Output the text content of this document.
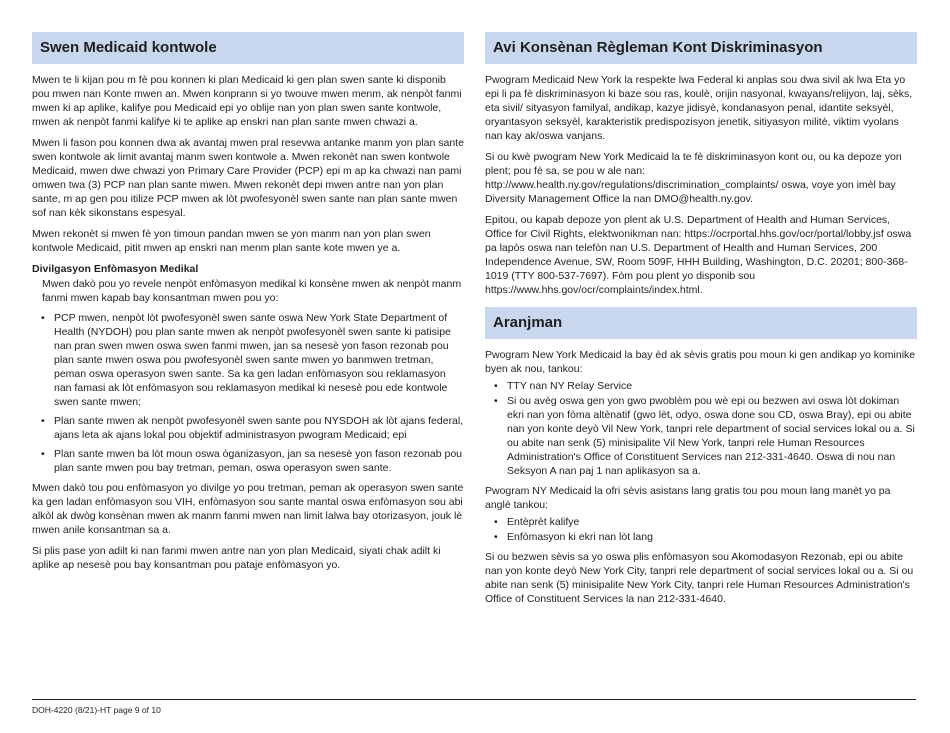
Swen Medicaid kontwole

Mwen te li kijan pou m fè pou konnen ki plan Medicaid ki gen plan swen sante ki disponib pou mwen nan Konte mwen an. Mwen konprann si yo twouve mwen menm, ak nenpòt fanmi mwen ki ap aplike, kalifye pou Medicaid epi yo oblije nan yon plan swen sante kontwole, mwen ak nenpòt fanmi kalifye ki te aplike ap enskri nan plan sante mwen chwazi a.

Mwen li fason pou konnen dwa ak avantaj mwen pral resevwa antanke manm yon plan sante swen kontwole ak limit avantaj manm swen kontwole a. Mwen rekonèt nan swen kontwole Medicaid, mwen dwe chwazi yon Primary Care Provider (PCP) epi m ap ka chwazi nan pami omwen twa (3) PCP nan plan sante mwen. Mwen rekonèt depi mwen antre nan yon plan sante, m ap gen pou itilize PCP mwen ak lòt pwofesyonèl swen sante nan plan sante mwen sof nan kèk sikonstans espesyal.

Mwen rekonèt si mwen fè yon timoun pandan mwen se yon manm nan yon plan swen kontwole Medicaid, pitit mwen ap enskri nan menm plan sante kote mwen ye a.

Divilgasyon Enfòmasyon Medikal
Mwen dakò pou yo revele nenpòt enfòmasyon medikal ki konsène mwen ak nenpòt manm fanmi mwen kapab bay konsantman mwen pou yo:
• PCP mwen, nenpòt lòt pwofesyonèl swen sante oswa New York State Department of Health (NYDOH) pou plan sante mwen ak nenpòt pwofesyonèl swen sante ki patisipe nan pran swen mwen oswa swen fanmi mwen, jan sa nesesè yon fason rezonab pou plan sante mwen oswa pou pwofesyonèl swen sante mwen yo banmwen tretman, peman oswa operasyon swen sante. Sa ka gen ladan enfòmasyon sou reklamasyon nan famasi ak lòt enfòmasyon sou reklamasyon medikal ki nesesè pou ede kontwole swen sante mwen;
• Plan sante mwen ak nenpòt pwofesyonèl swen sante pou NYSDOH ak lòt ajans federal, ajans leta ak ajans lokal pou objektif administrasyon pwogram Medicaid; epi
• Plan sante mwen ba lòt moun oswa òganizasyon, jan sa nesesè yon fason rezonab pou plan sante mwen pou bay tretman, peman, oswa operasyon swen sante.

Mwen dakò tou pou enfòmasyon yo divilge yo pou tretman, peman ak operasyon swen sante ka gen ladan enfòmasyon sou VIH, enfòmasyon sou sante mantal oswa enfòmasyon sou abi alkòl ak dwòg konsènan mwen ak manm fanmi mwen nan limit lalwa bay otorizasyon, jouk lè mwen anile konsantman sa a.

Si plis pase yon adilt ki nan fanmi mwen antre nan yon plan Medicaid, siyati chak adilt ki aplike ap nesesè pou bay konsantman pou pataje enfòmasyon yo.

Avi Konsènan Règleman Kont Diskriminasyon

Pwogram Medicaid New York la respekte lwa Federal ki anplas sou dwa sivil ak lwa Eta yo epi li pa fè diskriminasyon ki baze sou ras, koulè, orijin nasyonal, kwayans/relijyon, laj, sèks, eta sivil/ sityasyon familyal, andikap, kazye jidisyè, kondanasyon penal, idantite seksyèl, oryantasyon seksyèl, karakteristik predispozisyon jenetik, sitiyasyon militè, viktim vyolans nan kay ak/oswa vanjans.

Si ou kwè pwogram New York Medicaid la te fè diskriminasyon kont ou, ou ka depoze yon plent; pou fè sa, se pou w ale nan: http://www.health.ny.gov/regulations/discrimination_complaints/ oswa, voye yon imèl bay Diversity Management Office la nan DMO@health.ny.gov.

Epitou, ou kapab depoze yon plent ak U.S. Department of Health and Human Services, Office for Civil Rights, elektwonikman nan: https://ocrportal.hhs.gov/ocr/portal/lobby.jsf oswa pa lapòs oswa nan telefòn nan U.S. Department of Health and Human Services, 200 Independence Avenue, SW, Room 509F, HHH Building, Washington, D.C. 20201; 800-368-1019 (TTY 800-537-7697). Fòm pou plent yo disponib sou https://www.hhs.gov/ocr/complaints/index.html.

Aranjman

Pwogram New York Medicaid la bay èd ak sèvis gratis pou moun ki gen andikap yo kominike byen ak nou, tankou:

• TTY nan NY Relay Service
• Si ou avèg oswa gen yon gwo pwoblèm pou wè epi ou bezwen avi oswa lòt dokiman ekri nan yon fòma altènatif (gwo lèt, odyo, oswa done sou CD, oswa Bray), epi ou abite nan yon konte deyò Vil New York, tanpri rele department of social services lokal ou a. Si ou abite nan senk (5) minisipalite Vil New York, tanpri rele Human Resources Administration's Office of Constituent Services nan 212-331-4640. Oswa di nou nan Seksyon A nan paj 1 nan aplikasyon sa a.

Pwogram NY Medicaid la ofri sèvis asistans lang gratis tou pou moun lang manèt yo pa anglè tankou:

• Entèprèt kalifye
• Enfòmasyon ki ekri nan lòt lang

Si ou bezwen sèvis sa yo oswa plis enfòmasyon sou Akomodasyon Rezonab, epi ou abite nan yon konte deyò New York City, tanpri rele department of social services lokal ou a. Si ou abite nan senk (5) minisipalite New York City, tanpri rele Human Resources Administration's Office of Constituent Services la nan 212-331-4640.

DOH-4220 (8/21)-HT page 9 of 10
